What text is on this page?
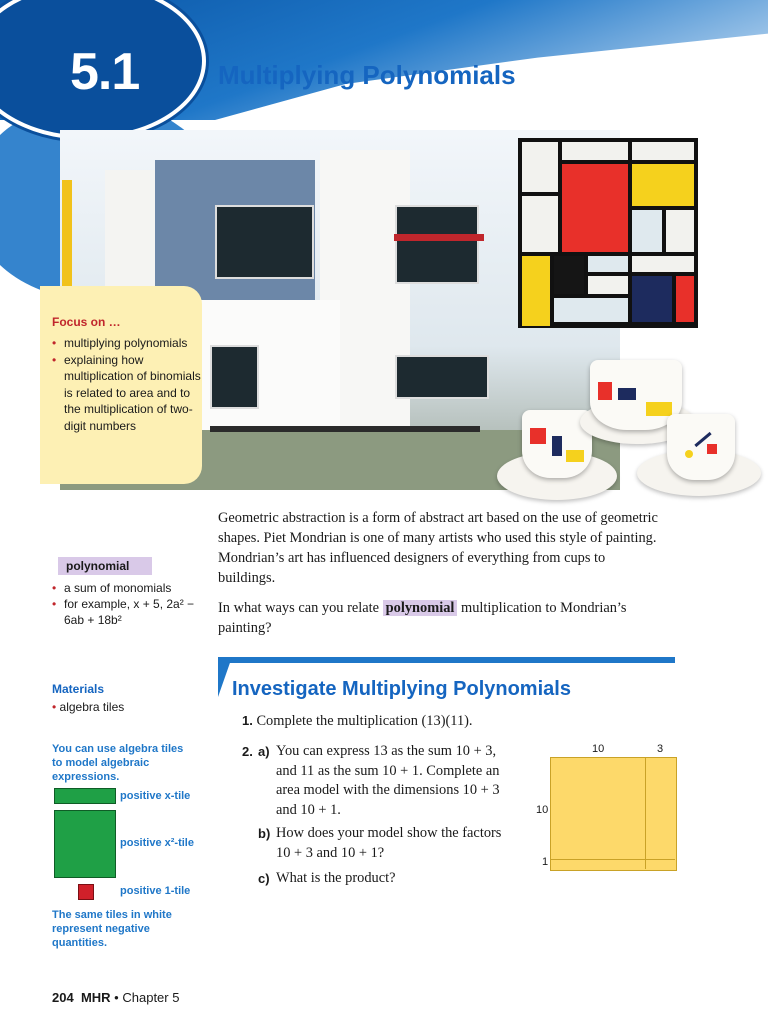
5.1	Multiplying Polynomials
Focus on …
• multiplying polynomials
• explaining how multiplication of binomials is related to area and to the multiplication of two-digit numbers

Geometric abstraction is a form of abstract art based on the use of geometric shapes. Piet Mondrian is one of many artists who used this style of painting. Mondrian’s art has influenced designers of everything from cups to buildings.

In what ways can you relate polynomial multiplication to Mondrian’s painting?

polynomial
• a sum of monomials
• for example, x + 5, 2a² − 6ab + 18b²
Investigate Multiplying Polynomials
1. Complete the multiplication (13)(11).
2. a) You can express 13 as the sum 10 + 3, and 11 as the sum 10 + 1. Complete an area model with the dimensions 10 + 3 and 10 + 1.
b) How does your model show the factors 10 + 3 and 10 + 1?
c) What is the product?
10	3
10
1
Materials
• algebra tiles
You can use algebra tiles to model algebraic expressions.
positive x-tile
positive x²-tile
positive 1-tile
The same tiles in white represent negative quantities.
204 MHR • Chapter 5
